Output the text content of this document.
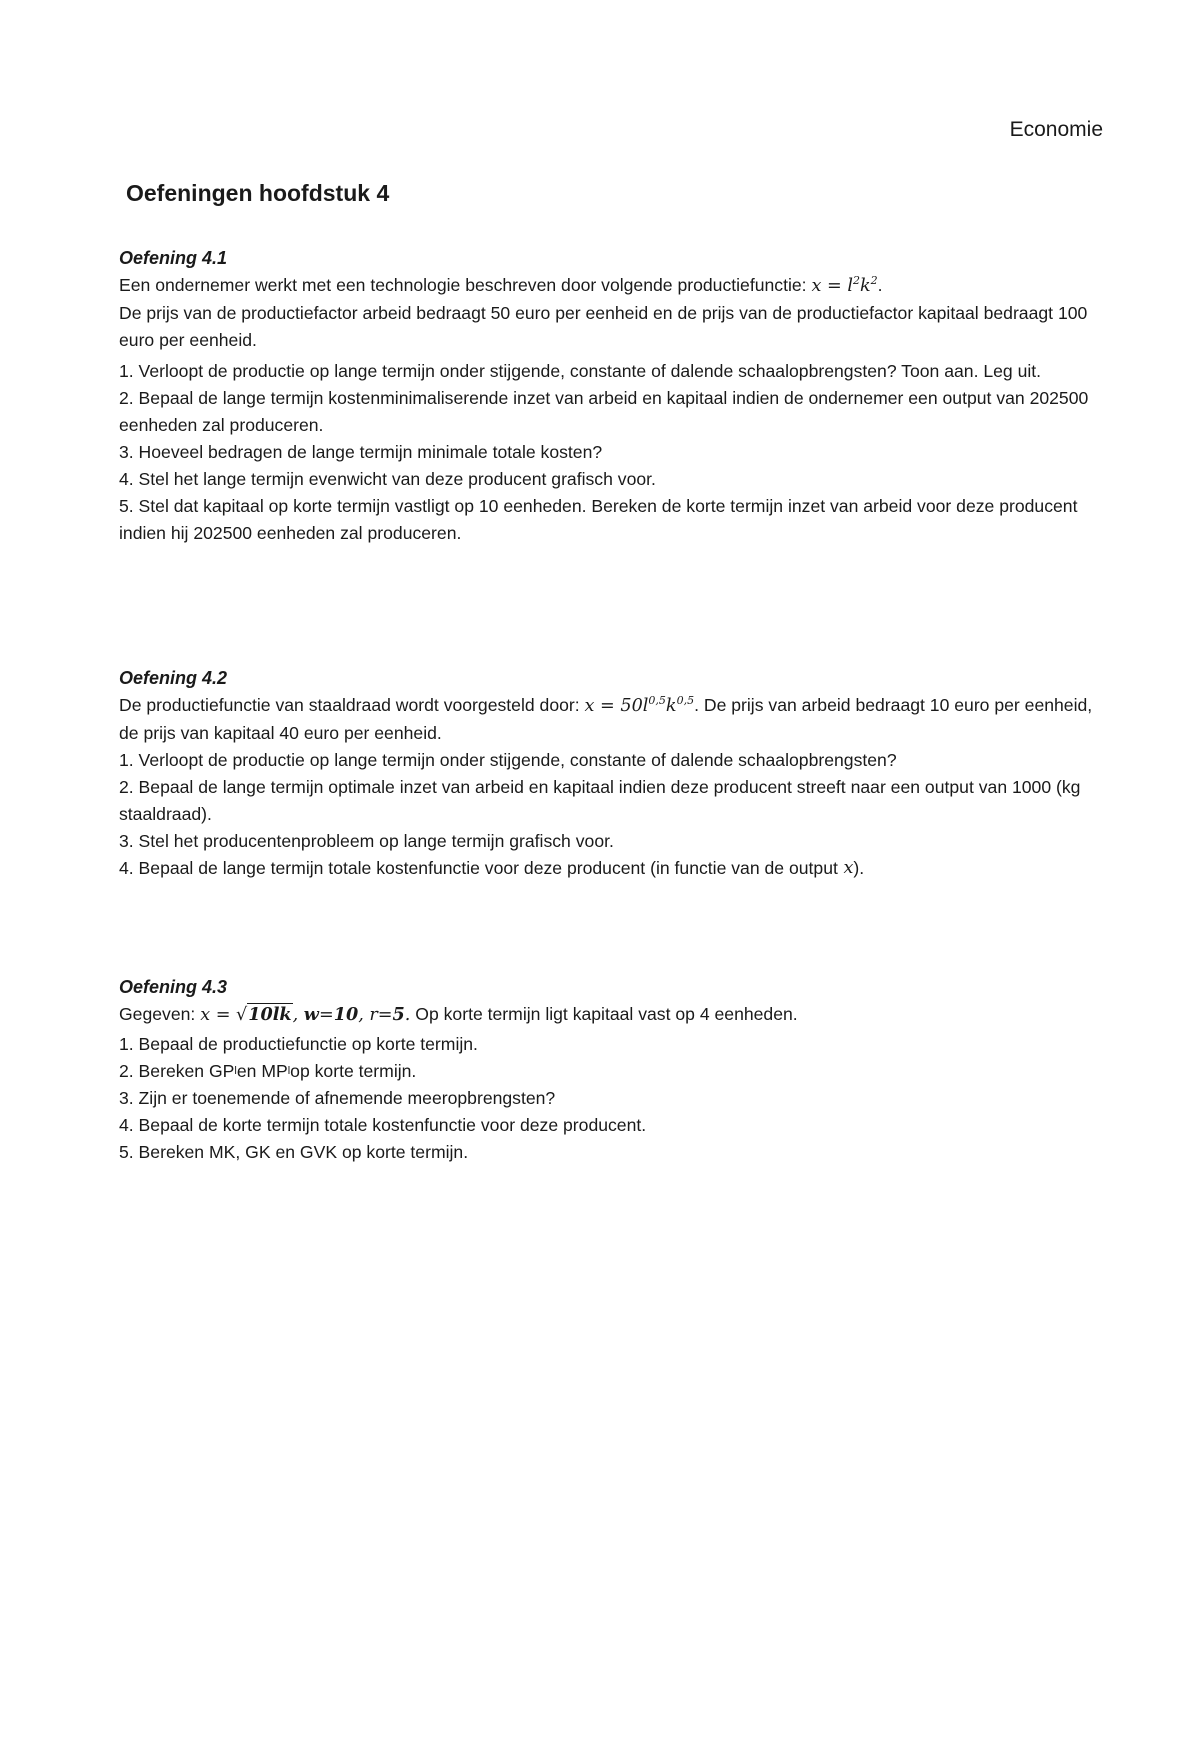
Economie
Oefeningen hoofdstuk 4

Oefening 4.1

Een ondernemer werkt met een technologie beschreven door volgende productiefunctie: $x = l^2k^2$.

De prijs van de productiefactor arbeid bedraagt 50 euro per eenheid en de prijs van de productiefactor kapitaal bedraagt 100 euro per eenheid.

1. Verloopt de productie op lange termijn onder stijgende, constante of dalende schaalopbrengsten? Toon aan. Leg uit.

2. Bepaal de lange termijn kostenminimaliserende inzet van arbeid en kapitaal indien de ondernemer een output van 202500 eenheden zal produceren.

3. Hoeveel bedragen de lange termijn minimale totale kosten?

4. Stel het lange termijn evenwicht van deze producent grafisch voor.

5. Stel dat kapitaal op korte termijn vastligt op 10 eenheden. Bereken de korte termijn inzet van arbeid voor deze producent indien hij 202500 eenheden zal produceren.

Oefening 4.2

De productiefunctie van staaldraad wordt voorgesteld door: $x = 50l^{0,5}k^{0,5}$. De prijs van arbeid bedraagt 10 euro per eenheid, de prijs van kapitaal 40 euro per eenheid.

1. Verloopt de productie op lange termijn onder stijgende, constante of dalende schaalopbrengsten?

2. Bepaal de lange termijn optimale inzet van arbeid en kapitaal indien deze producent streeft naar een output van 1000 (kg staaldraad).

3. Stel het producentenprobleem op lange termijn grafisch voor.

4. Bepaal de lange termijn totale kostenfunctie voor deze producent (in functie van de output x ).

Oefening 4.3

Gegeven: x = √10lk, w=10, r=5. Op korte termijn ligt kapitaal vast op 4 eenheden.

1. Bepaal de productiefunctie op korte termijn.

2. Bereken GP l en MP l op korte termijn.

3. Zijn er toenemende of afnemende meeropbrengsten?

4. Bepaal de korte termijn totale kostenfunctie voor deze producent.

5. Bereken MK, GK en GVK op korte termijn.
